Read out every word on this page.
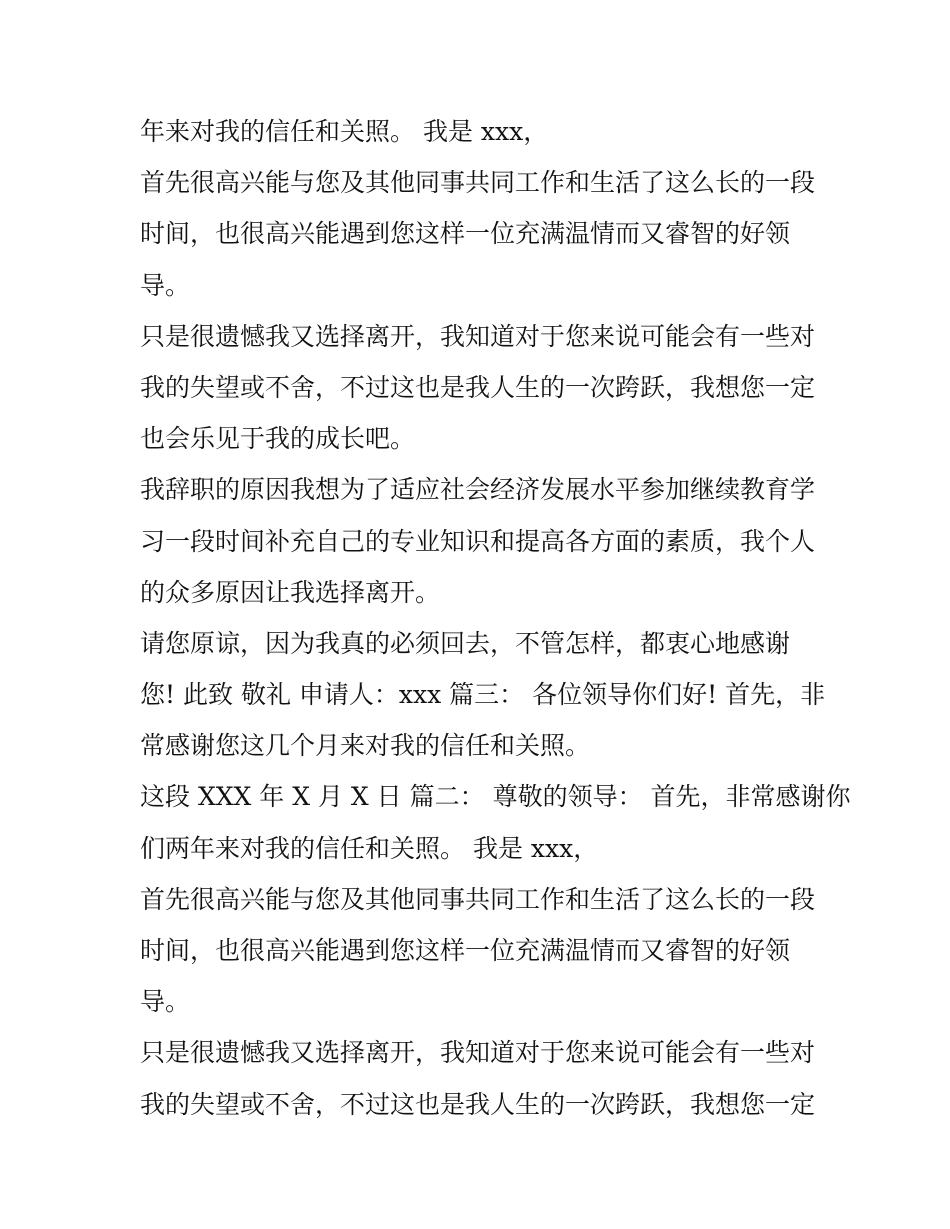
年来对我的信任和关照。 我是 xxx，
首先很高兴能与您及其他同事共同工作和生活了这么长的一段
时间，也很高兴能遇到您这样一位充满温情而又睿智的好领
导。
只是很遗憾我又选择离开，我知道对于您来说可能会有一些对
我的失望或不舍，不过这也是我人生的一次跨跃，我想您一定
也会乐见于我的成长吧。
我辞职的原因我想为了适应社会经济发展水平参加继续教育学
习一段时间补充自己的专业知识和提高各方面的素质，我个人
的众多原因让我选择离开。
请您原谅，因为我真的必须回去，不管怎样，都衷心地感谢
您! 此致 敬礼 申请人：xxx 篇三： 各位领导你们好! 首先，非
常感谢您这几个月来对我的信任和关照。
这段 XXX 年 X 月 X 日 篇二： 尊敬的领导： 首先，非常感谢你
们两年来对我的信任和关照。 我是 xxx，
首先很高兴能与您及其他同事共同工作和生活了这么长的一段
时间，也很高兴能遇到您这样一位充满温情而又睿智的好领
导。
只是很遗憾我又选择离开，我知道对于您来说可能会有一些对
我的失望或不舍，不过这也是我人生的一次跨跃，我想您一定
